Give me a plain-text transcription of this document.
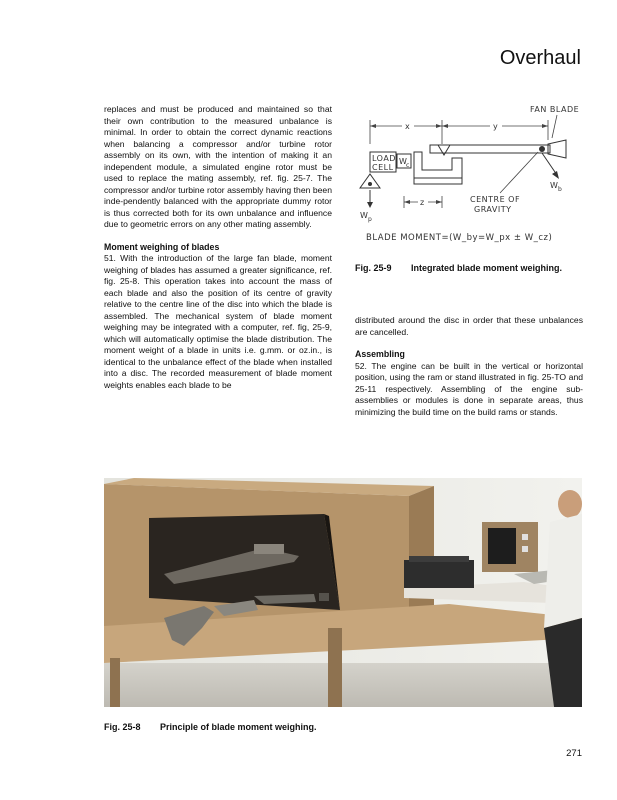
Overhaul

replaces and must be produced and maintained so that their own contribution to the measured unbalance is minimal. In order to obtain the correct dynamic reactions when balancing a compressor and/or turbine rotor assembly on its own, with the intention of making it an independent module, a simulated engine rotor must be used to replace the mating assembly, ref. fig. 25-7. The compressor and/or turbine rotor assembly having then been inde-pendently balanced with the appropriate dummy rotor is thus corrected both for its own unbalance and influence due to geometric errors on any other mating assembly.

Moment weighing of blades

51. With the introduction of the large fan blade, moment weighing of blades has assumed a greater significance, ref. fig. 25-8. This operation takes into account the mass of each blade and also the position of its centre of gravity relative to the centre line of the disc into which the blade is assembled. The mechanical system of blade moment weighing may be integrated with a computer, ref. fig, 25-9, which will automatically optimise the blade distribution. The moment weight of a blade in units i.e. g.mm. or oz.in., is identical to the unbalance effect of the blade when installed into a disc. The recorded measurement of blade moment weights enables each blade to be

x	y
FAN BLADE
LOAD
CELL
W
c
W p
z	CENTRE OF
GRAVITY
W b
BLADE MOMENT=(W_by=W_px ± W_cz)
Fig. 25-9 Integrated blade moment weighing.

distributed around the disc in order that these unbalances are cancelled.

Assembling

52. The engine can be built in the vertical or horizontal position, using the ram or stand illustrated in fig. 25-TO and 25-11 respectively. Assembling of the engine sub-assemblies or modules is done in separate areas, thus minimizing the build time on the build rams or stands.

Fig. 25-8 Principle of blade moment weighing.
271
